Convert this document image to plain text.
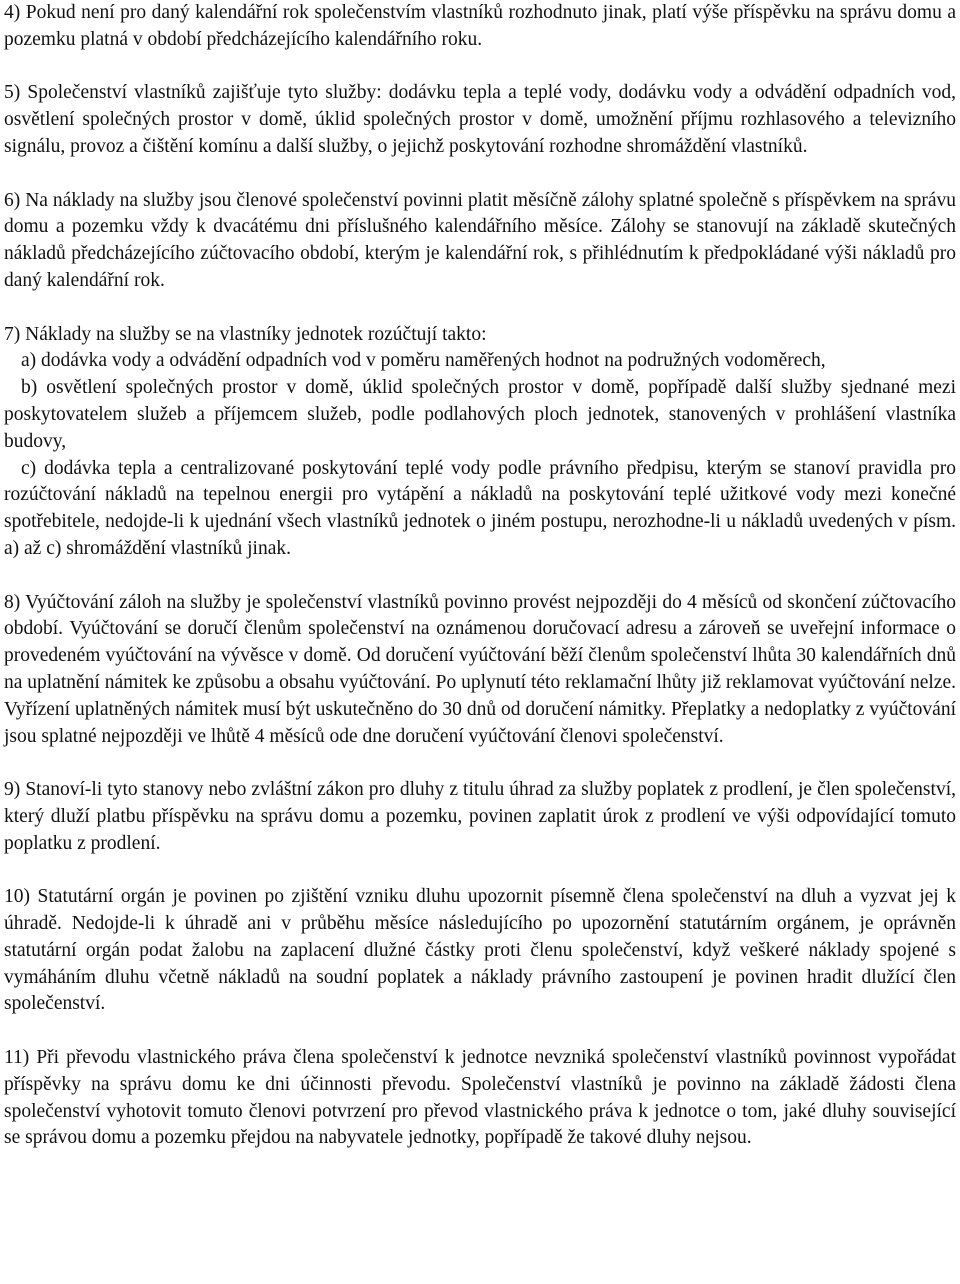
4) Pokud není pro daný kalendářní rok společenstvím vlastníků rozhodnuto jinak, platí výše příspěvku na správu domu a pozemku platná v období předcházejícího kalendářního roku.

5) Společenství vlastníků zajišťuje tyto služby: dodávku tepla a teplé vody, dodávku vody a odvádění odpadních vod, osvětlení společných prostor v domě, úklid společných prostor v domě, umožnění příjmu rozhlasového a televizního signálu, provoz a čištění komínu a další služby, o jejichž poskytování rozhodne shromáždění vlastníků.

6) Na náklady na služby jsou členové společenství povinni platit měsíčně zálohy splatné společně s příspěvkem na správu domu a pozemku vždy k dvacátému dni příslušného kalendářního měsíce. Zálohy se stanovují na základě skutečných nákladů předcházejícího zúčtovacího období, kterým je kalendářní rok, s přihlédnutím k předpokládané výši nákladů pro daný kalendářní rok.

7) Náklady na služby se na vlastníky jednotek rozúčtují takto:

a) dodávka vody a odvádění odpadních vod v poměru naměřených hodnot na podružných vodoměrech,

b) osvětlení společných prostor v domě, úklid společných prostor v domě, popřípadě další služby sjednané mezi poskytovatelem služeb a příjemcem služeb, podle podlahových ploch jednotek, stanovených v prohlášení vlastníka budovy,

c) dodávka tepla a centralizované poskytování teplé vody podle právního předpisu, kterým se stanoví pravidla pro rozúčtování nákladů na tepelnou energii pro vytápění a nákladů na poskytování teplé užitkové vody mezi konečné spotřebitele, nedojde-li k ujednání všech vlastníků jednotek o jiném postupu, nerozhodne-li u nákladů uvedených v písm. a) až c) shromáždění vlastníků jinak.

8) Vyúčtování záloh na služby je společenství vlastníků povinno provést nejpozději do 4 měsíců od skončení zúčtovacího období. Vyúčtování se doručí členům společenství na oznámenou doručovací adresu a zároveň se uveřejní informace o provedeném vyúčtování na vývěsce v domě. Od doručení vyúčtování běží členům společenství lhůta 30 kalendářních dnů na uplatnění námitek ke způsobu a obsahu vyúčtování. Po uplynutí této reklamační lhůty již reklamovat vyúčtování nelze. Vyřízení uplatněných námitek musí být uskutečněno do 30 dnů od doručení námitky. Přeplatky a nedoplatky z vyúčtování jsou splatné nejpozději ve lhůtě 4 měsíců ode dne doručení vyúčtování členovi společenství.

9) Stanoví-li tyto stanovy nebo zvláštní zákon pro dluhy z titulu úhrad za služby poplatek z prodlení, je člen společenství, který dluží platbu příspěvku na správu domu a pozemku, povinen zaplatit úrok z prodlení ve výši odpovídající tomuto poplatku z prodlení.

10) Statutární orgán je povinen po zjištění vzniku dluhu upozornit písemně člena společenství na dluh a vyzvat jej k úhradě. Nedojde-li k úhradě ani v průběhu měsíce následujícího po upozornění statutárním orgánem, je oprávněn statutární orgán podat žalobu na zaplacení dlužné částky proti členu společenství, když veškeré náklady spojené s vymáháním dluhu včetně nákladů na soudní poplatek a náklady právního zastoupení je povinen hradit dlužící člen společenství.

11) Při převodu vlastnického práva člena společenství k jednotce nevzniká společenství vlastníků povinnost vypořádat příspěvky na správu domu ke dni účinnosti převodu. Společenství vlastníků je povinno na základě žádosti člena společenství vyhotovit tomuto členovi potvrzení pro převod vlastnického práva k jednotce o tom, jaké dluhy související se správou domu a pozemku přejdou na nabyvatele jednotky, popřípadě že takové dluhy nejsou.
